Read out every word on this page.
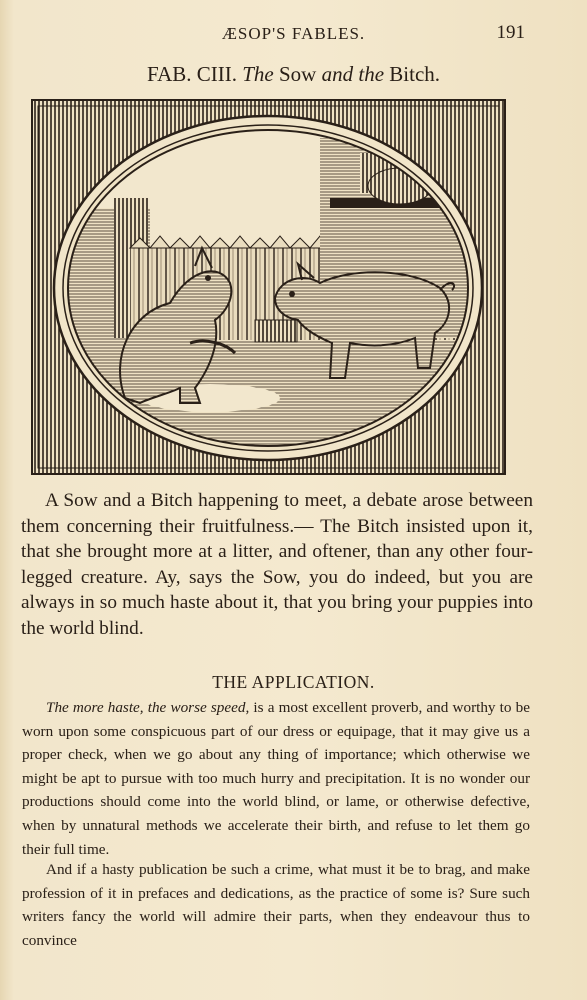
ÆSOP'S FABLES.	191
FAB. CIII. The Sow and the Bitch.

A Sow and a Bitch happening to meet, a debate arose between them concerning their fruitfulness.— The Bitch insisted upon it, that she brought more at a litter, and oftener, than any other four-legged creature. Ay, says the Sow, you do indeed, but you are always in so much haste about it, that you bring your puppies into the world blind.

THE APPLICATION.

The more haste, the worse speed, is a most excellent proverb, and worthy to be worn upon some conspicuous part of our dress or equipage, that it may give us a proper check, when we go about any thing of importance; which otherwise we might be apt to pursue with too much hurry and precipitation. It is no wonder our productions should come into the world blind, or lame, or otherwise defective, when by unnatural methods we accelerate their birth, and refuse to let them go their full time.

And if a hasty publication be such a crime, what must it be to brag, and make profession of it in prefaces and dedications, as the practice of some is? Sure such writers fancy the world will admire their parts, when they endeavour thus to convince
